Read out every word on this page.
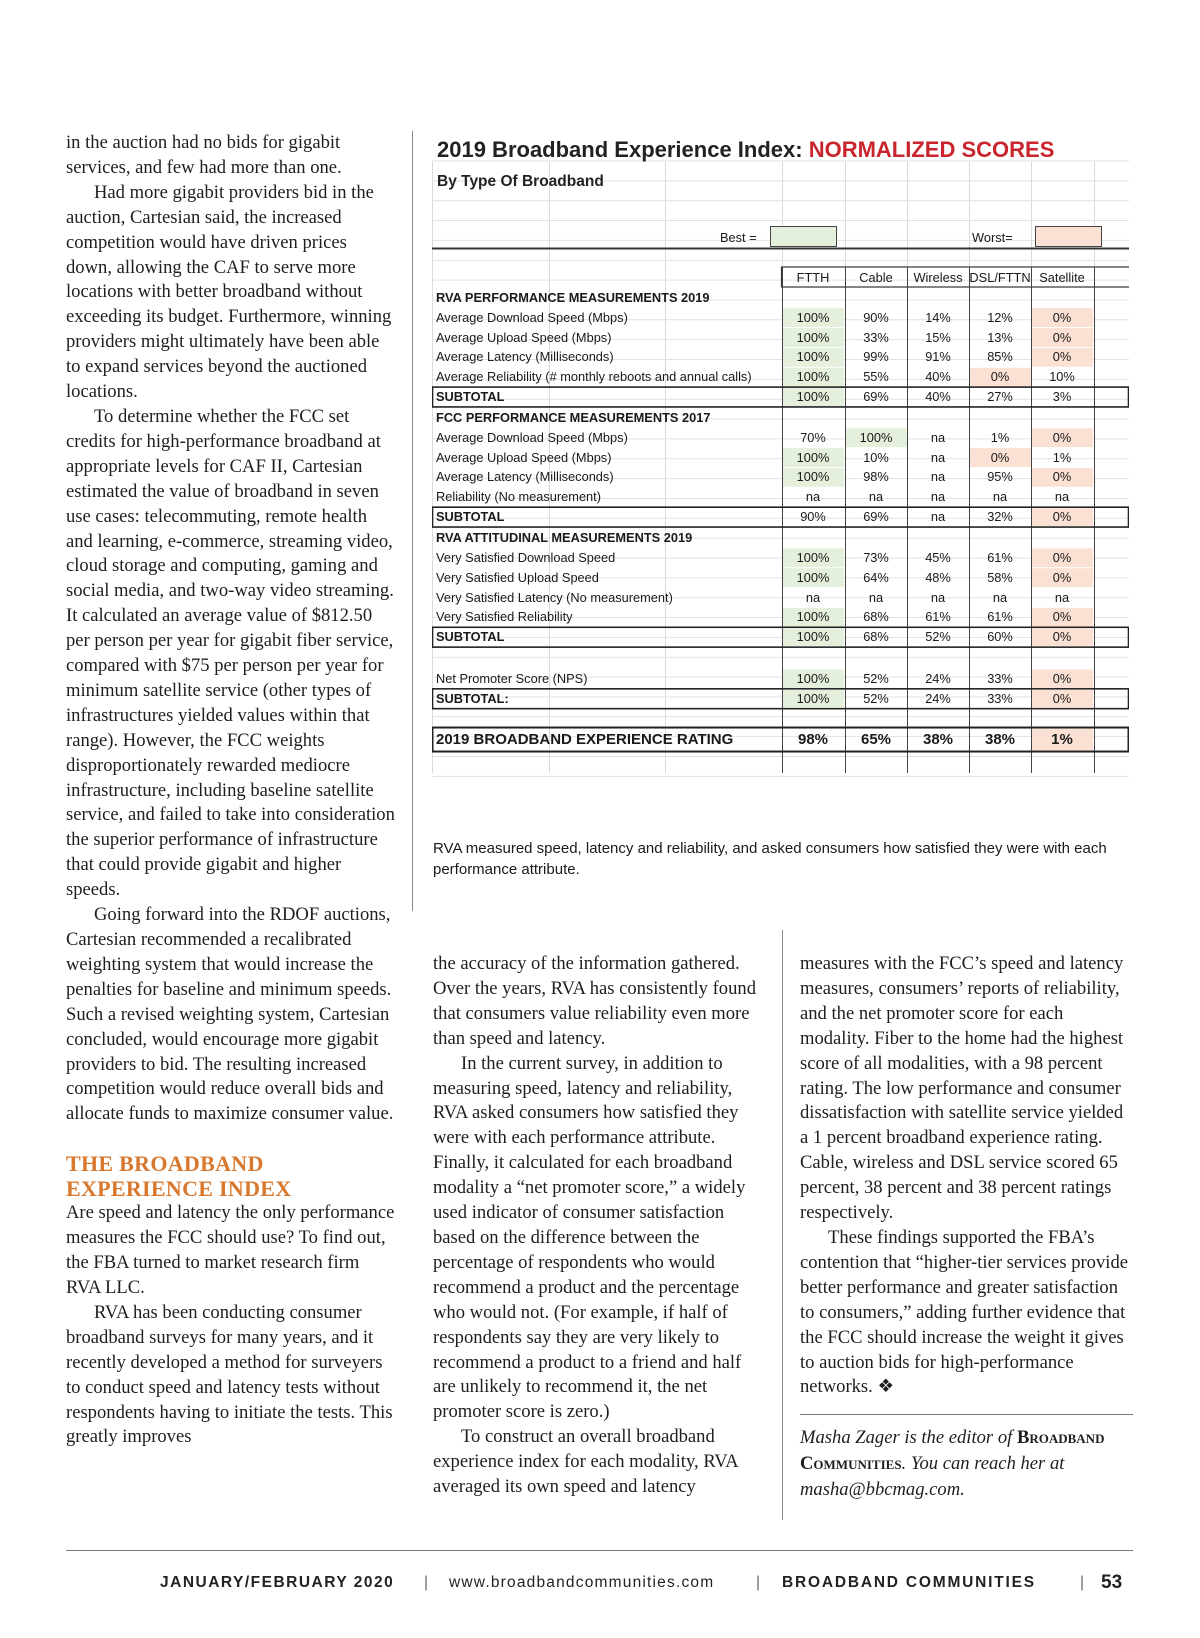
in the auction had no bids for gigabit services, and few had more than one.

Had more gigabit providers bid in the auction, Cartesian said, the increased competition would have driven prices down, allowing the CAF to serve more locations with better broadband without exceeding its budget. Furthermore, winning providers might ultimately have been able to expand services beyond the auctioned locations.

To determine whether the FCC set credits for high-performance broadband at appropriate levels for CAF II, Cartesian estimated the value of broadband in seven use cases: telecommuting, remote health and learning, e-commerce, streaming video, cloud storage and computing, gaming and social media, and two-way video streaming. It calculated an average value of $812.50 per person per year for gigabit fiber service, compared with $75 per person per year for minimum satellite service (other types of infrastructures yielded values within that range). However, the FCC weights disproportionately rewarded mediocre infrastructure, including baseline satellite service, and failed to take into consideration the superior performance of infrastructure that could provide gigabit and higher speeds.

Going forward into the RDOF auctions, Cartesian recommended a recalibrated weighting system that would increase the penalties for baseline and minimum speeds. Such a revised weighting system, Cartesian concluded, would encourage more gigabit providers to bid. The resulting increased competition would reduce overall bids and allocate funds to maximize consumer value.

THE BROADBAND EXPERIENCE INDEX

Are speed and latency the only performance measures the FCC should use? To find out, the FBA turned to market research firm RVA LLC.

RVA has been conducting consumer broadband surveys for many years, and it recently developed a method for surveyers to conduct speed and latency tests without respondents having to initiate the tests. This greatly improves

2019 Broadband Experience Index: NORMALIZED SCORES
By Type Of Broadband
Best =	Worst=
FTTH	Cable	Wireless DSL/FTTN Satellite
RVA PERFORMANCE MEASUREMENTS 2019
Average Download Speed (Mbps)	100%	90%	14%	12%	0%
Average Upload Speed (Mbps)	100%	33%	15%	13%	0%
Average Latency (Milliseconds)	100%	99%	91%	85%	0%
Average Reliability (# monthly reboots and annual calls)	100%	55%	40%	0%	10%
SUBTOTAL	100%	69%	40%	27%	3%
FCC PERFORMANCE MEASUREMENTS 2017
Average Download Speed (Mbps)	70%	100%	na	1%	0%
Average Upload Speed (Mbps)	100%	10%	na	0%	1%
Average Latency (Milliseconds)	100%	98%	na	95%	0%
Reliability (No measurement)	na	na	na	na	na
SUBTOTAL	90%	69%	na	32%	0%
RVA ATTITUDINAL MEASUREMENTS 2019
Very Satisfied Download Speed	100%	73%	45%	61%	0%
Very Satisfied Upload Speed	100%	64%	48%	58%	0%
Very Satisfied Latency (No measurement)	na	na	na	na	na
Very Satisfied Reliability	100%	68%	61%	61%	0%
SUBTOTAL	100%	68%	52%	60%	0%
Net Promoter Score (NPS)	100%	52%	24%	33%	0%
SUBTOTAL:	100%	52%	24%	33%	0%
2019 BROADBAND EXPERIENCE RATING	98%	65%	38%	38%	1%
RVA measured speed, latency and reliability, and asked consumers how satisfied they were with each performance attribute.

the accuracy of the information gathered. Over the years, RVA has consistently found that consumers value reliability even more than speed and latency.

In the current survey, in addition to measuring speed, latency and reliability, RVA asked consumers how satisfied they were with each performance attribute. Finally, it calculated for each broadband modality a “net promoter score,” a widely used indicator of consumer satisfaction based on the difference between the percentage of respondents who would recommend a product and the percentage who would not. (For example, if half of respondents say they are very likely to recommend a product to a friend and half are unlikely to recommend it, the net promoter score is zero.)

To construct an overall broadband experience index for each modality, RVA averaged its own speed and latency

measures with the FCC’s speed and latency measures, consumers’ reports of reliability, and the net promoter score for each modality. Fiber to the home had the highest score of all modalities, with a 98 percent rating. The low performance and consumer dissatisfaction with satellite service yielded a 1 percent broadband experience rating. Cable, wireless and DSL service scored 65 percent, 38 percent and 38 percent ratings respectively.

These findings supported the FBA’s contention that “higher-tier services provide better performance and greater satisfaction to consumers,” adding further evidence that the FCC should increase the weight it gives to auction bids for high-performance networks. ❖

Masha Zager is the editor of Broadband Communities. You can reach her at masha@bbcmag.com.
JANUARY/FEBRUARY 2020 | www.broadbandcommunities.com	| BROADBAND COMMUNITIES	| 53
